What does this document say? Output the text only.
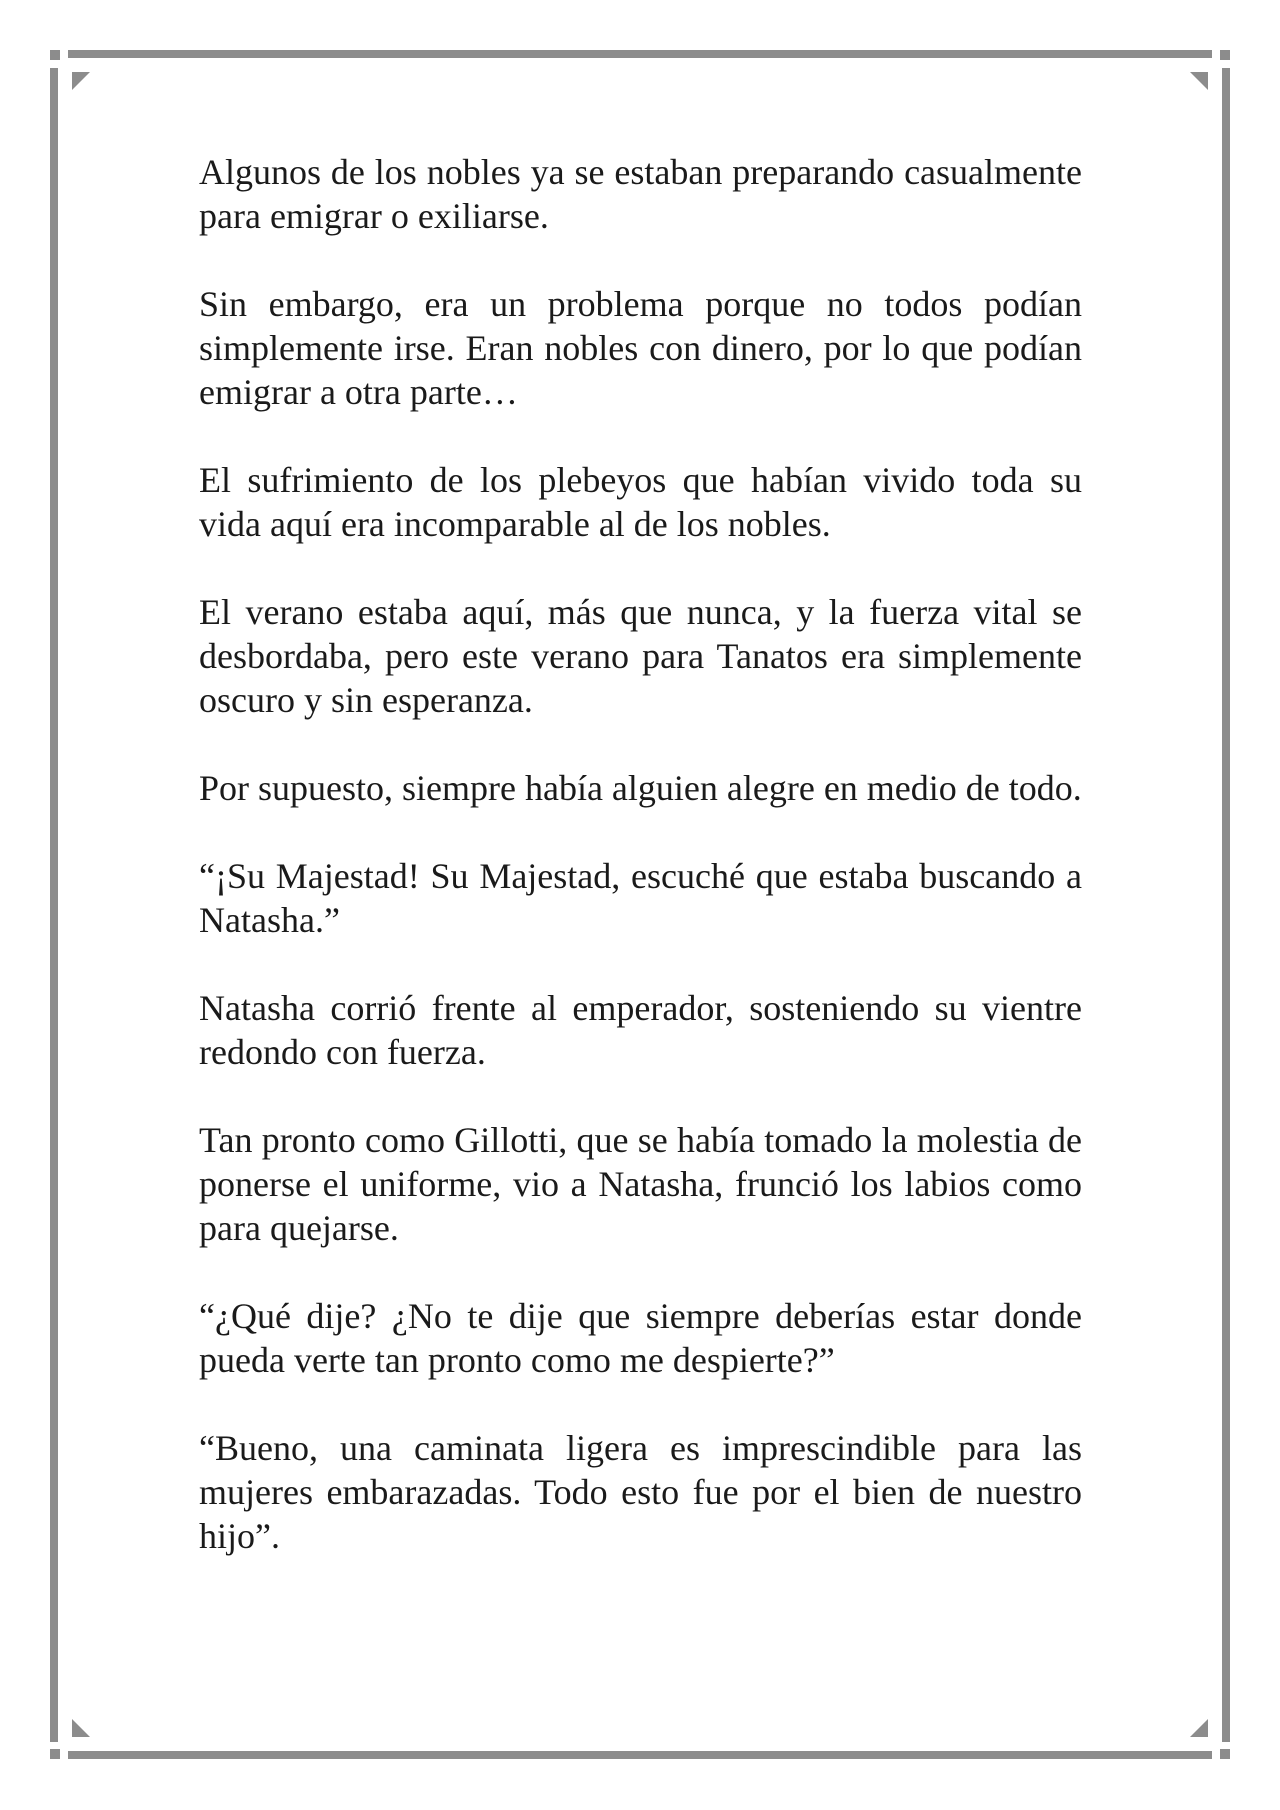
Algunos de los nobles ya se estaban preparando casualmente para emigrar o exiliarse.

Sin embargo, era un problema porque no todos podían simplemente irse. Eran nobles con dinero, por lo que podían emigrar a otra parte…

El sufrimiento de los plebeyos que habían vivido toda su vida aquí era incomparable al de los nobles.

El verano estaba aquí, más que nunca, y la fuerza vital se desbordaba, pero este verano para Tanatos era simplemente oscuro y sin esperanza.

Por supuesto, siempre había alguien alegre en medio de todo.

“¡Su Majestad! Su Majestad, escuché que estaba buscando a Natasha.”

Natasha corrió frente al emperador, sosteniendo su vientre redondo con fuerza.

Tan pronto como Gillotti, que se había tomado la molestia de ponerse el uniforme, vio a Natasha, frunció los labios como para quejarse.

“¿Qué dije? ¿No te dije que siempre deberías estar donde pueda verte tan pronto como me despierte?”

“Bueno, una caminata ligera es imprescindible para las mujeres embarazadas. Todo esto fue por el bien de nuestro hijo”.
